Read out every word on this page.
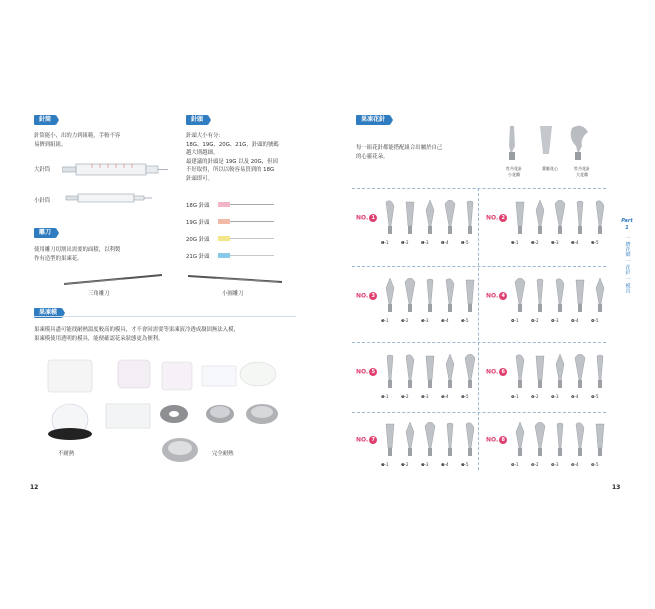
針筒
針筒能小，出的力到組範，手較不容
易擠到組組。
大針筒
小針筒
針頭
針頭大小有分：
18G、19G、20G、21G，針頭的號碼
越大則越細。
最建議的針頭是 19G 以及 20G，但因
不好取得，所以以較容易買到的 18G
針頭即可。
18G 針頭
19G 針頭
20G 針頭
21G 針頭
雕刀
使用雕刀切割出需要的面積，以利製
作有造型的果凍花。
三角雕刀	小圓雕刀
果凍模
果凍模具盡可能找耐熱溫度較高的模具，才不會因需要等果凍液冷透成凝固無法入模，
果凍模使用透明的模具，能便確認花朵狀態更為便利。
不耐熱	完全耐熱
12
果凍花針
每一組花針都能搭配組合出屬於自己
的心靈花朵。
牡丹花針
小花瓣
葉脈花心	牡丹花針
大花瓣
NO. 1
❶-1	❶-2	❶-3	❶-4	❶-5
NO. 2
❷-1	❷-2	❷-3	❷-4	❷-5
NO. 3
❸-1	❸-2	❸-3	❸-4	❸-5
NO. 4
❹-1	❹-2	❹-3	❹-4	❹-5
NO. 5
❺-1	❺-2	❺-3	❺-4	❺-5
NO. 6
❻-1	❻-2	❻-3	❻-4	❻-5
NO. 7
❼-1	❼-2	❼-3	❼-4	❼-5
NO. 8
❽-1	❽-2	❽-3	❽-4	❽-5
Part 1
一 擠花網 一 花針 一 模具
13
